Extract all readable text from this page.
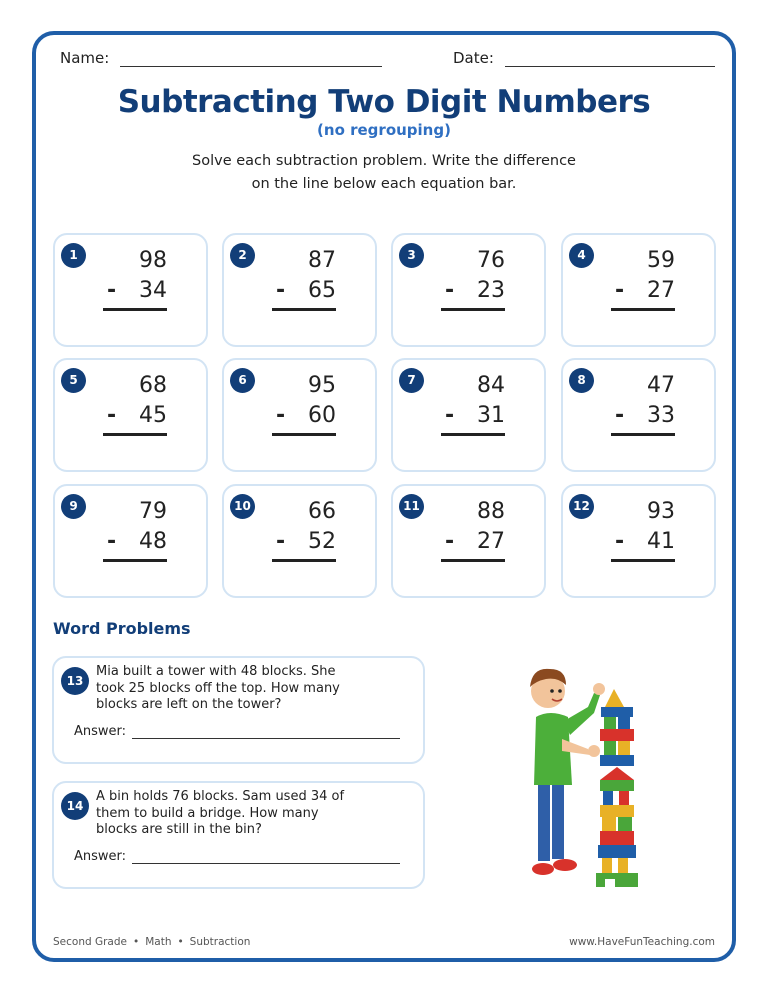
Name:	Date:
Subtracting Two Digit Numbers
(no regrouping)
Solve each subtraction problem. Write the difference
on the line below each equation bar.
1	98
- 34
2	87
- 65
3	76
- 23
4	59
- 27
5	68
- 45
6	95
- 60
7	84
- 31
8	47
- 33
9	79
- 48
10	66
- 52
11	88
- 27
12	93
- 41
Word Problems
13
Mia built a tower with 48 blocks. She
took 25 blocks off the top. How many
blocks are left on the tower?
Answer:
14
A bin holds 76 blocks. Sam used 34 of
them to build a bridge. How many
blocks are still in the bin?
Answer:
Second Grade • Math • Subtraction	www.HaveFunTeaching.com
